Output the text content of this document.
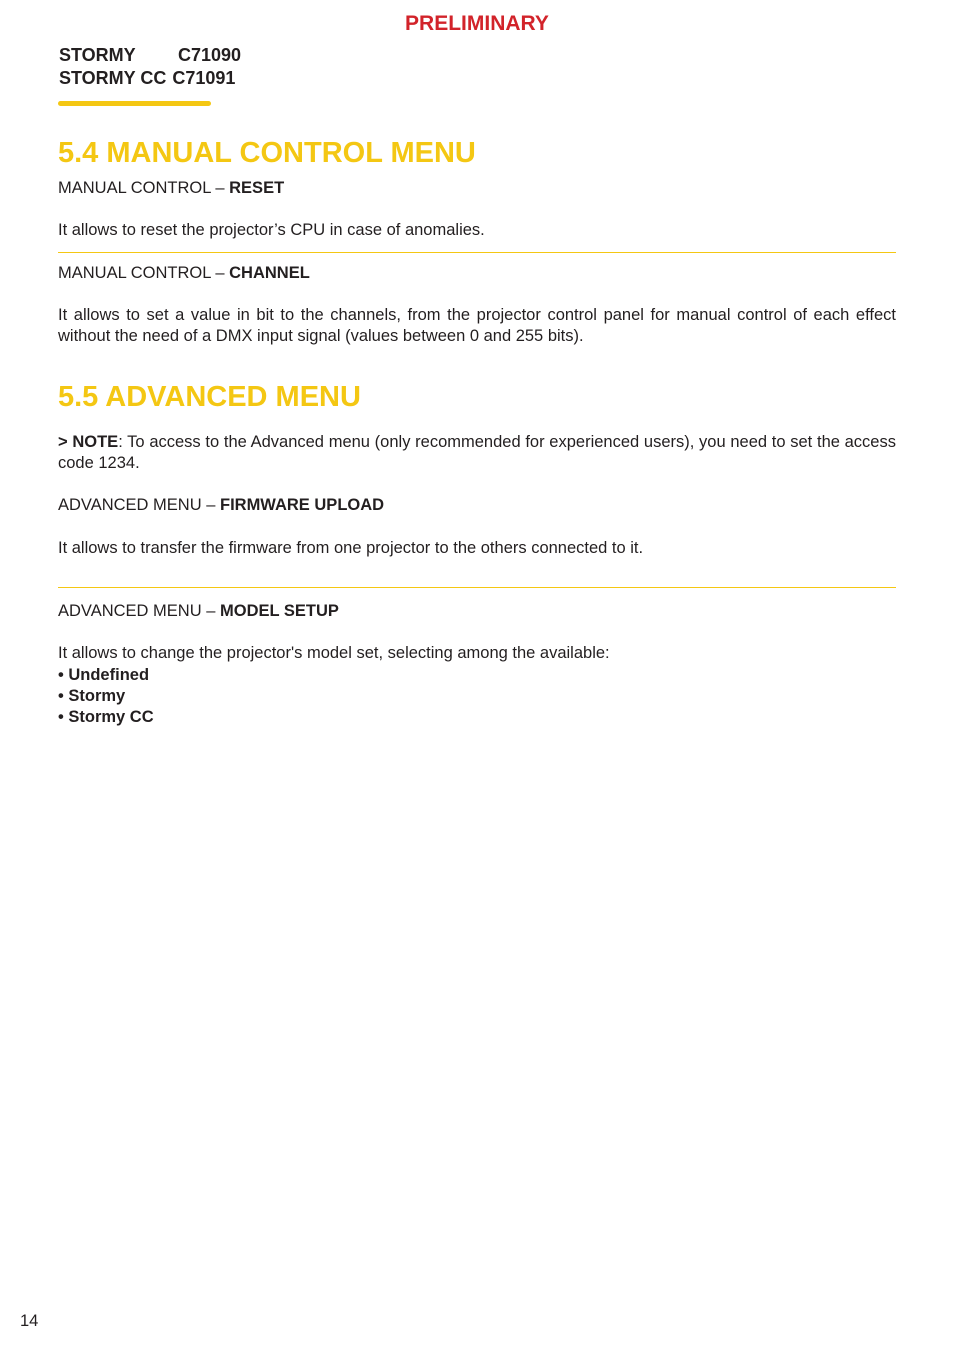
PRELIMINARY
STORMY	C71090
STORMY CC C71091
5.4 MANUAL CONTROL MENU

MANUAL CONTROL – RESET

It allows to reset the projector’s CPU in case of anomalies.

MANUAL CONTROL – CHANNEL

It allows to set a value in bit to the channels, from the projector control panel for manual control of each effect without the need of a DMX input signal (values between 0 and 255 bits).

5.5 ADVANCED MENU

> NOTE: To access to the Advanced menu (only recommended for experienced users), you need to set the access code 1234.

ADVANCED MENU – FIRMWARE UPLOAD

It allows to transfer the firmware from one projector to the others connected to it.

ADVANCED MENU – MODEL SETUP

It allows to change the projector's model set, selecting among the available:

• Undefined

• Stormy

• Stormy CC

14
